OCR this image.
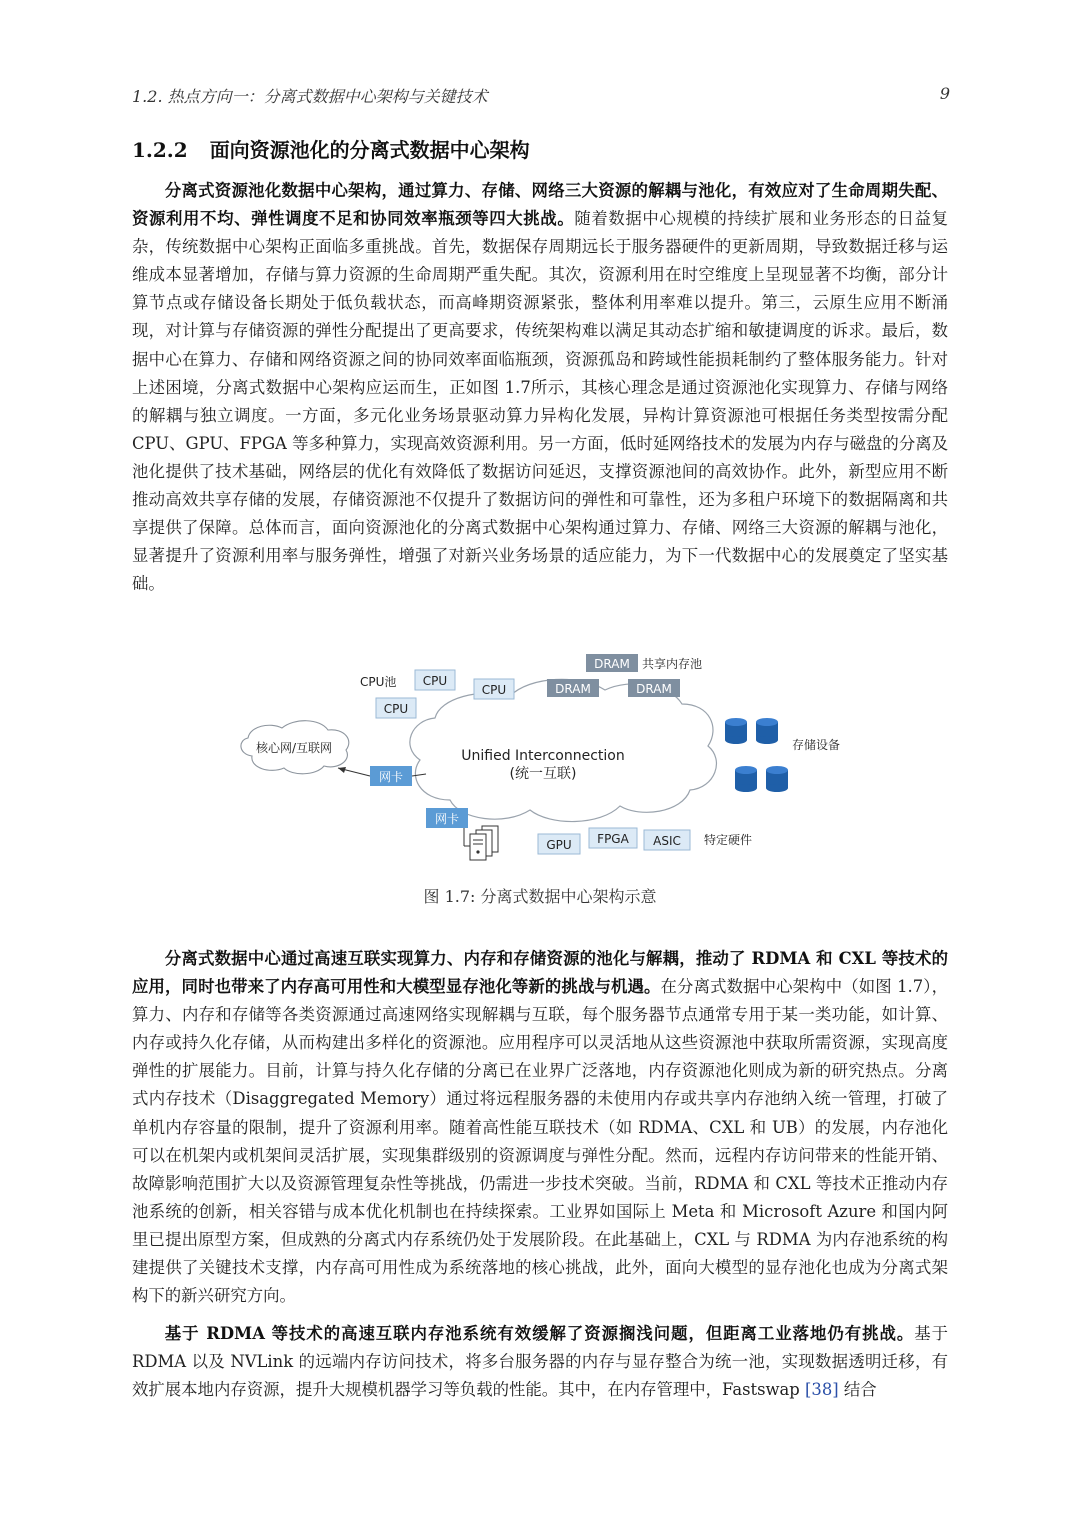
1.2. 热点方向一：分离式数据中心架构与关键技术	9
1.2.2 面向资源池化的分离式数据中心架构

分离式资源池化数据中心架构，通过算力、存储、网络三大资源的解耦与池化，有效应对了生命周期失配、资源利用不均、弹性调度不足和协同效率瓶颈等四大挑战。随着数据中心规模的持续扩展和业务形态的日益复杂，传统数据中心架构正面临多重挑战。首先，数据保存周期远长于服务器硬件的更新周期，导致数据迁移与运维成本显著增加，存储与算力资源的生命周期严重失配。其次，资源利用在时空维度上呈现显著不均衡，部分计算节点或存储设备长期处于低负载状态，而高峰期资源紧张，整体利用率难以提升。第三，云原生应用不断涌现，对计算与存储资源的弹性分配提出了更高要求，传统架构难以满足其动态扩缩和敏捷调度的诉求。最后，数据中心在算力、存储和网络资源之间的协同效率面临瓶颈，资源孤岛和跨域性能损耗制约了整体服务能力。针对上述困境，分离式数据中心架构应运而生，正如图 1.7所示，其核心理念是通过资源池化实现算力、存储与网络的解耦与独立调度。一方面，多元化业务场景驱动算力异构化发展，异构计算资源池可根据任务类型按需分配 CPU、GPU、FPGA 等多种算力，实现高效资源利用。另一方面，低时延网络技术的发展为内存与磁盘的分离及池化提供了技术基础，网络层的优化有效降低了数据访问延迟，支撑资源池间的高效协作。此外，新型应用不断推动高效共享存储的发展，存储资源池不仅提升了数据访问的弹性和可靠性，还为多租户环境下的数据隔离和共享提供了保障。总体而言，面向资源池化的分离式数据中心架构通过算力、存储、网络三大资源的解耦与池化，显著提升了资源利用率与服务弹性，增强了对新兴业务场景的适应能力，为下一代数据中心的发展奠定了坚实基础。

Unified Interconnection
(统一互联)
核心网/互联网
网卡
CPU池
CPU
CPU
CPU
DRAM 共享内存池
DRAM	DRAM
存储设备
网卡
GPU FPGA ASIC 特定硬件
图 1.7: 分离式数据中心架构示意

分离式数据中心通过高速互联实现算力、内存和存储资源的池化与解耦，推动了 RDMA 和 CXL 等技术的应用，同时也带来了内存高可用性和大模型显存池化等新的挑战与机遇。在分离式数据中心架构中（如图 1.7），算力、内存和存储等各类资源通过高速网络实现解耦与互联，每个服务器节点通常专用于某一类功能，如计算、内存或持久化存储，从而构建出多样化的资源池。应用程序可以灵活地从这些资源池中获取所需资源，实现高度弹性的扩展能力。目前，计算与持久化存储的分离已在业界广泛落地，内存资源池化则成为新的研究热点。分离式内存技术（Disaggregated Memory）通过将远程服务器的未使用内存或共享内存池纳入统一管理，打破了单机内存容量的限制，提升了资源利用率。随着高性能互联技术（如 RDMA、CXL 和 UB）的发展，内存池化可以在机架内或机架间灵活扩展，实现集群级别的资源调度与弹性分配。然而，远程内存访问带来的性能开销、故障影响范围扩大以及资源管理复杂性等挑战，仍需进一步技术突破。当前，RDMA 和 CXL 等技术正推动内存池系统的创新，相关容错与成本优化机制也在持续探索。工业界如国际上 Meta 和 Microsoft Azure 和国内阿里已提出原型方案，但成熟的分离式内存系统仍处于发展阶段。在此基础上，CXL 与 RDMA 为内存池系统的构建提供了关键技术支撑，内存高可用性成为系统落地的核心挑战，此外，面向大模型的显存池化也成为分离式架构下的新兴研究方向。

基于 RDMA 等技术的高速互联内存池系统有效缓解了资源搁浅问题，但距离工业落地仍有挑战。基于 RDMA 以及 NVLink 的远端内存访问技术，将多台服务器的内存与显存整合为统一池，实现数据透明迁移，有效扩展本地内存资源，提升大规模机器学习等负载的性能。其中，在内存管理中，Fastswap [38] 结合
